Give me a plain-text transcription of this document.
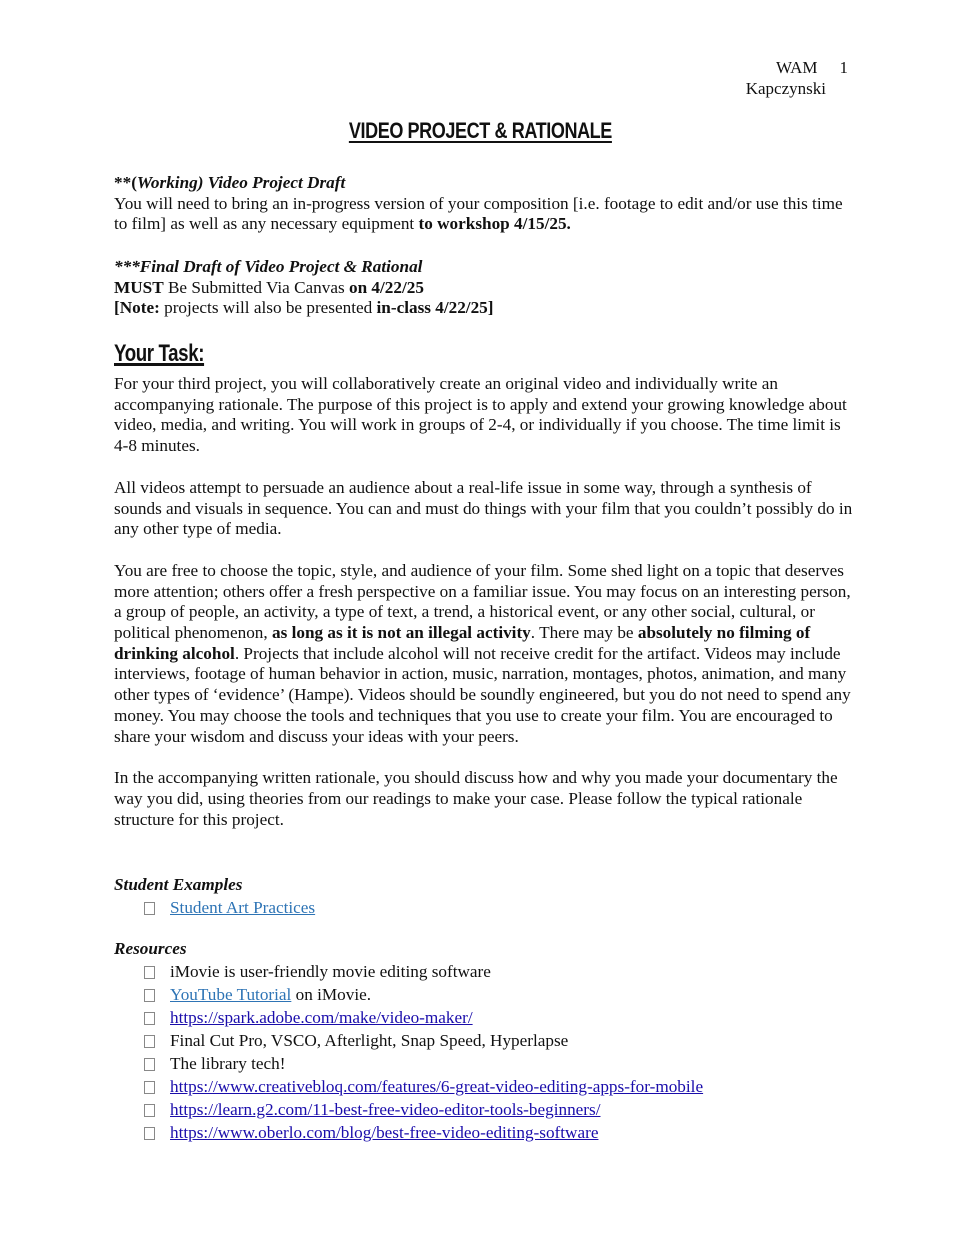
WAM 1
Kapczynski
VIDEO PROJECT & RATIONALE

**(Working) Video Project Draft

You will need to bring an in-progress version of your composition [i.e. footage to edit and/or use this time to film] as well as any necessary equipment to workshop 4/15/25.

***Final Draft of Video Project & Rational

MUST Be Submitted Via Canvas on 4/22/25

[Note: projects will also be presented in-class 4/22/25]

Your Task:

For your third project, you will collaboratively create an original video and individually write an accompanying rationale. The purpose of this project is to apply and extend your growing knowledge about video, media, and writing. You will work in groups of 2-4, or individually if you choose. The time limit is 4-8 minutes.

All videos attempt to persuade an audience about a real-life issue in some way, through a synthesis of sounds and visuals in sequence. You can and must do things with your film that you couldn’t possibly do in any other type of media.

You are free to choose the topic, style, and audience of your film. Some shed light on a topic that deserves more attention; others offer a fresh perspective on a familiar issue. You may focus on an interesting person, a group of people, an activity, a type of text, a trend, a historical event, or any other social, cultural, or political phenomenon, as long as it is not an illegal activity. There may be absolutely no filming of drinking alcohol. Projects that include alcohol will not receive credit for the artifact. Videos may include interviews, footage of human behavior in action, music, narration, montages, photos, animation, and many other types of ‘evidence’ (Hampe). Videos should be soundly engineered, but you do not need to spend any money. You may choose the tools and techniques that you use to create your film. You are encouraged to share your wisdom and discuss your ideas with your peers.

In the accompanying written rationale, you should discuss how and why you made your documentary the way you did, using theories from our readings to make your case. Please follow the typical rationale structure for this project.

Student Examples

Student Art Practices

Resources

iMovie is user-friendly movie editing software
YouTube Tutorial on iMovie.
https://spark.adobe.com/make/video-maker/
Final Cut Pro, VSCO, Afterlight, Snap Speed, Hyperlapse
The library tech!
https://www.creativebloq.com/features/6-great-video-editing-apps-for-mobile
https://learn.g2.com/11-best-free-video-editor-tools-beginners/
https://www.oberlo.com/blog/best-free-video-editing-software
